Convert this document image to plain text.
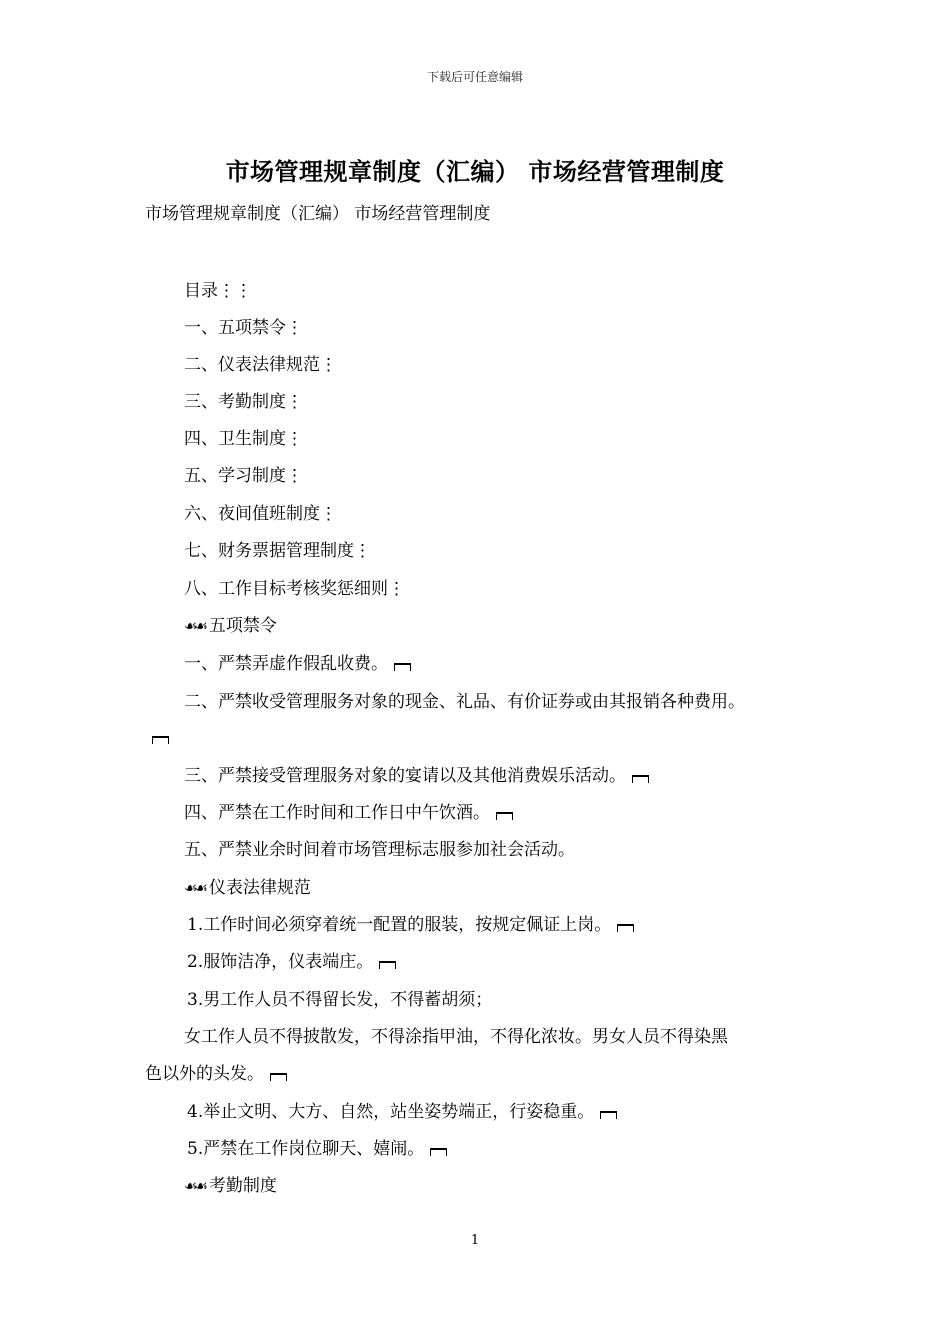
下载后可任意编辑
市场管理规章制度（汇编） 市场经营管理制度
市场管理规章制度（汇编） 市场经营管理制度
目录⋮⋮
一、五项禁令⋮
二、仪表法律规范⋮
三、考勤制度⋮
四、卫生制度⋮
五、学习制度⋮
六、夜间值班制度⋮
七、财务票据管理制度⋮
八、工作目标考核奖惩细则⋮
☙☙ 五项禁令
一、严禁弄虚作假乱收费。
二、严禁收受管理服务对象的现金、礼品、有价证券或由其报销各种费用。
三、严禁接受管理服务对象的宴请以及其他消费娱乐活动。
四、严禁在工作时间和工作日中午饮酒。
五、严禁业余时间着市场管理标志服参加社会活动。
☙☙ 仪表法律规范
1.工作时间必须穿着统一配置的服装，按规定佩证上岗。
2.服饰洁净，仪表端庄。
3.男工作人员不得留长发，不得蓄胡须；
女工作人员不得披散发，不得涂指甲油，不得化浓妆。男女人员不得染黑
色以外的头发。
4.举止文明、大方、自然，站坐姿势端正，行姿稳重。
5.严禁在工作岗位聊天、嬉闹。
☙☙ 考勤制度
1
